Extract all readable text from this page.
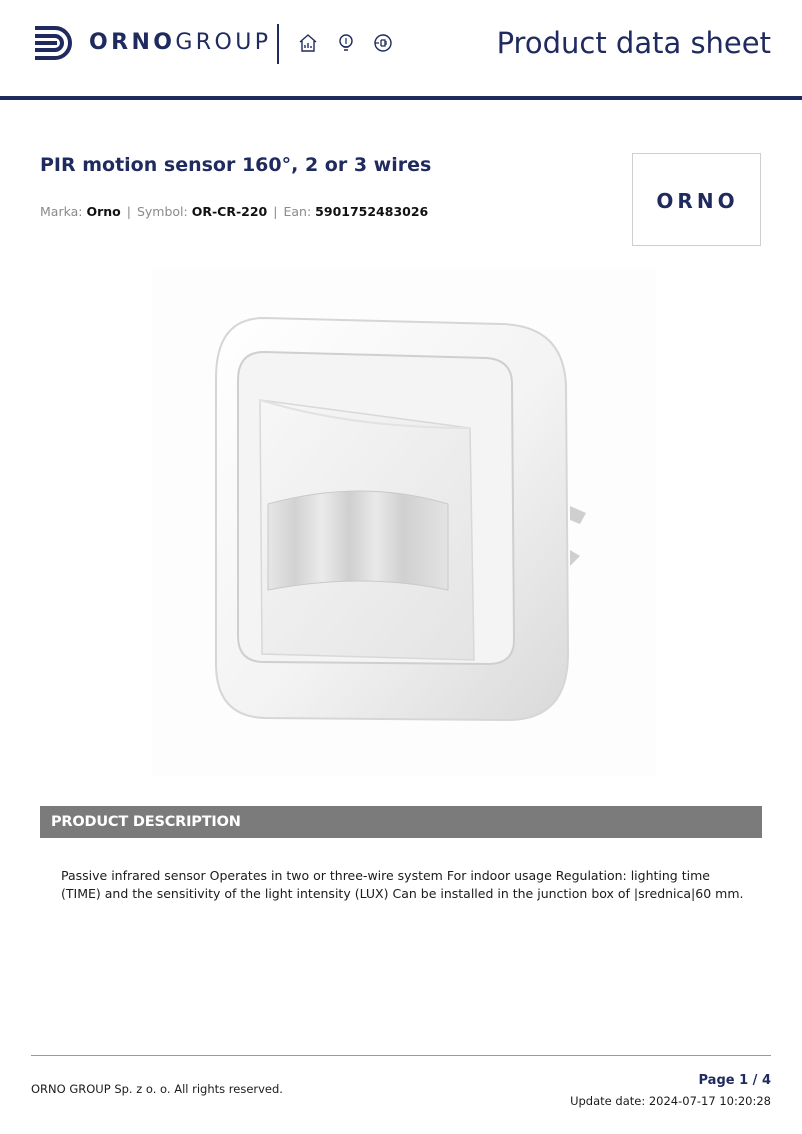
ORNOGROUP	Product data sheet
PIR motion sensor 160°, 2 or 3 wires
Marka: Orno | Symbol: OR-CR-220 | Ean: 5901752483026	ORNO
PRODUCT DESCRIPTION
Passive infrared sensor Operates in two or three-wire system For indoor usage Regulation: lighting time (TIME) and the sensitivity of the light intensity (LUX) Can be installed in the junction box of |srednica|60 mm.
ORNO GROUP Sp. z o. o. All rights reserved.
Page 1 / 4
Update date: 2024-07-17 10:20:28
